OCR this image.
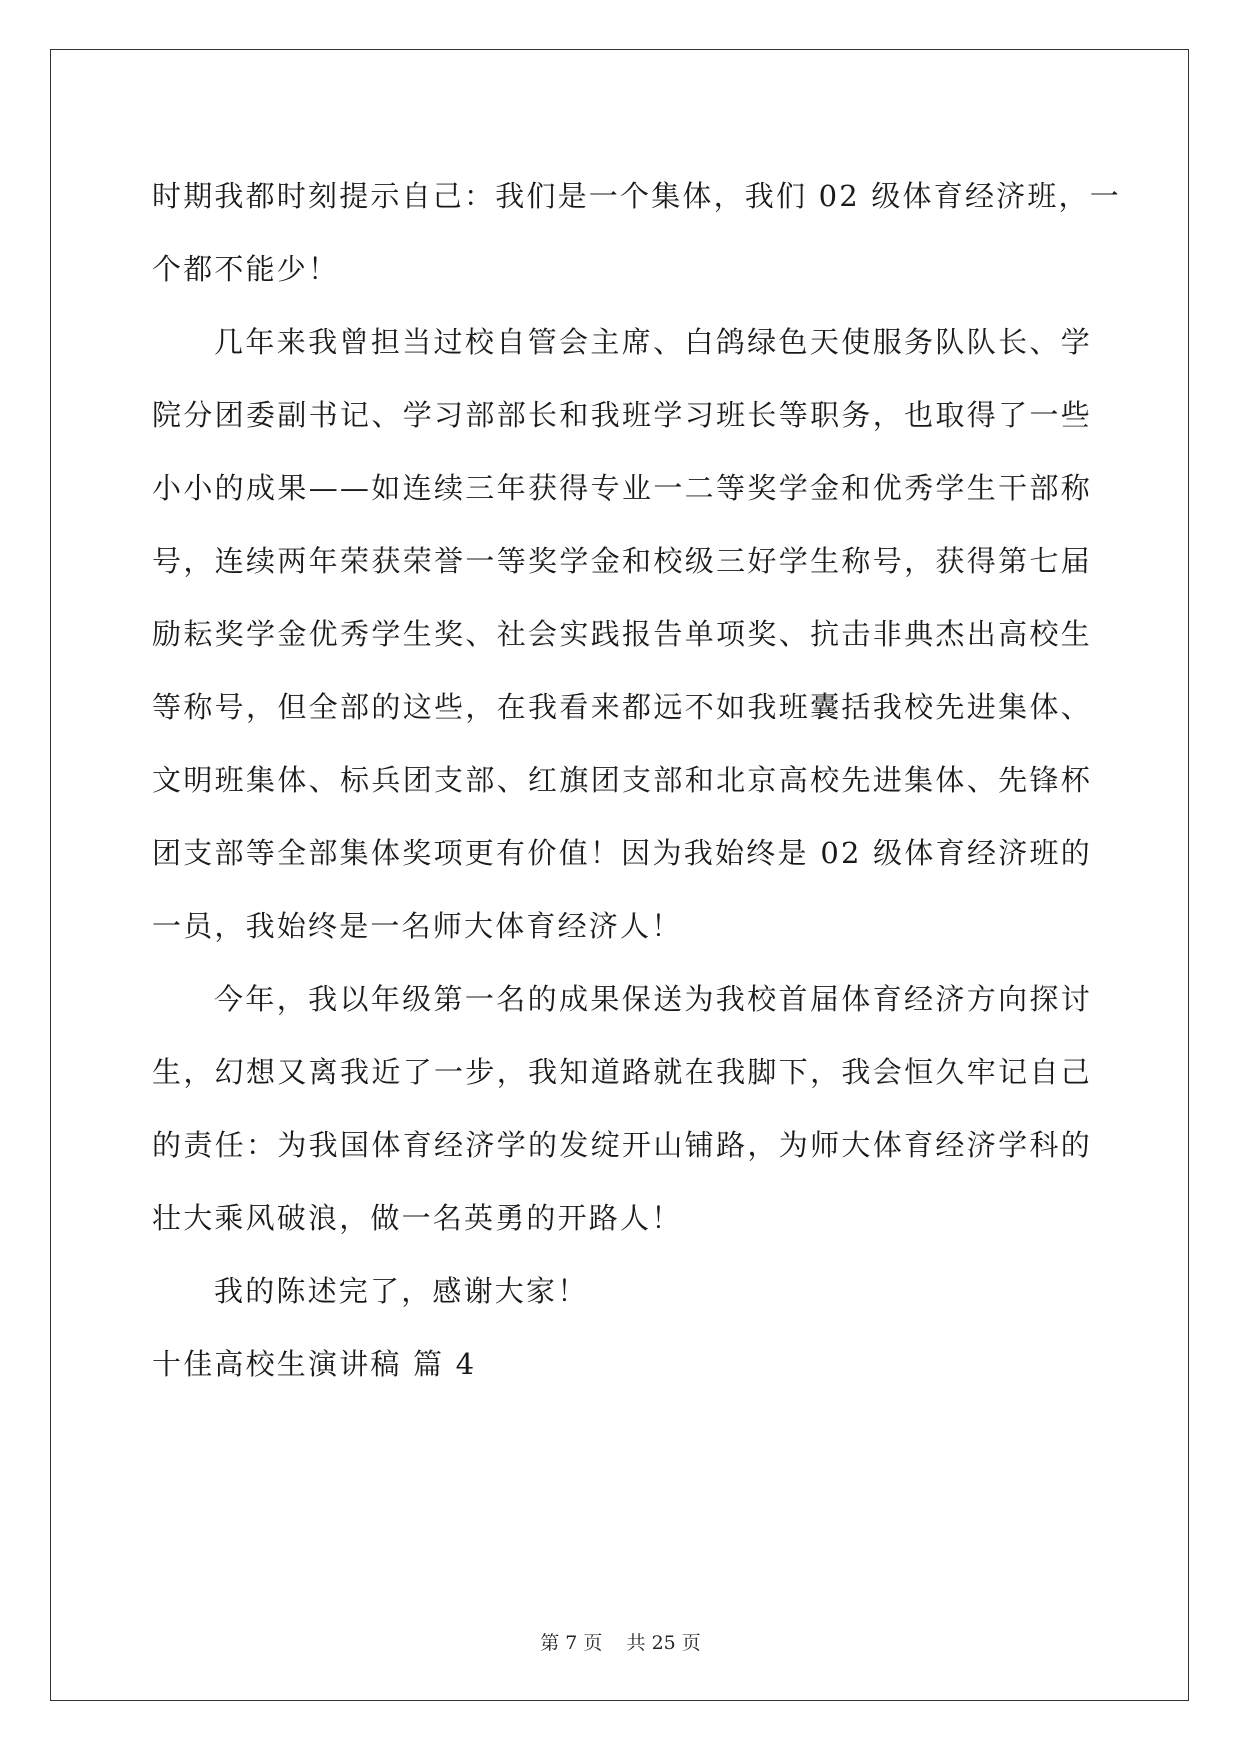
时期我都时刻提示自己：我们是一个集体，我们 02 级体育经济班，一
个都不能少！
几年来我曾担当过校自管会主席、白鸽绿色天使服务队队长、学
院分团委副书记、学习部部长和我班学习班长等职务，也取得了一些
小小的成果——如连续三年获得专业一二等奖学金和优秀学生干部称
号，连续两年荣获荣誉一等奖学金和校级三好学生称号，获得第七届
励耘奖学金优秀学生奖、社会实践报告单项奖、抗击非典杰出高校生
等称号，但全部的这些，在我看来都远不如我班囊括我校先进集体、
文明班集体、标兵团支部、红旗团支部和北京高校先进集体、先锋杯
团支部等全部集体奖项更有价值！因为我始终是 02 级体育经济班的
一员，我始终是一名师大体育经济人！
今年，我以年级第一名的成果保送为我校首届体育经济方向探讨
生，幻想又离我近了一步，我知道路就在我脚下，我会恒久牢记自己
的责任：为我国体育经济学的发绽开山铺路，为师大体育经济学科的
壮大乘风破浪，做一名英勇的开路人！
我的陈述完了，感谢大家！
十佳高校生演讲稿 篇 4
第 7 页 共 25 页
